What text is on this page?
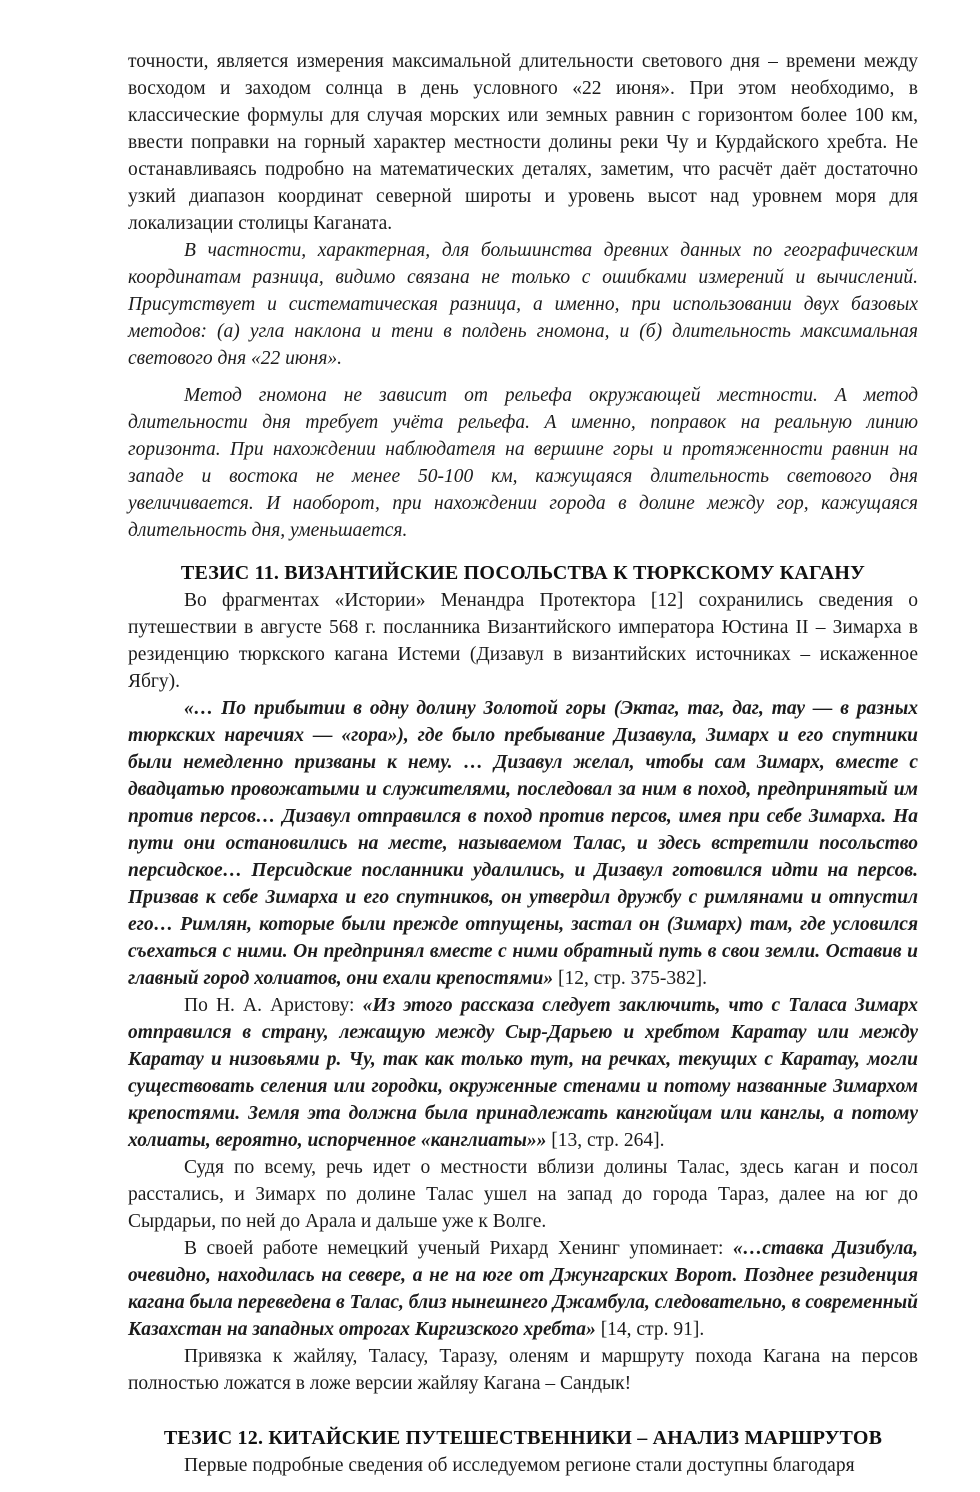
точности, является измерения максимальной длительности светового дня – времени между восходом и заходом солнца в день условного «22 июня». При этом необходимо, в классические формулы для случая морских или земных равнин с горизонтом более 100 км, ввести поправки на горный характер местности долины реки Чу и Курдайского хребта. Не останавливаясь подробно на математических деталях, заметим, что расчёт даёт достаточно узкий диапазон координат северной широты и уровень высот над уровнем моря для локализации столицы Каганата.

В частности, характерная, для большинства древних данных по географическим координатам разница, видимо связана не только с ошибками измерений и вычислений. Присутствует и систематическая разница, а именно, при использовании двух базовых методов: (а) угла наклона и тени в полдень гномона, и (б) длительность максимальная светового дня «22 июня».

Метод гномона не зависит от рельефа окружающей местности. А метод длительности дня требует учёта рельефа. А именно, поправок на реальную линию горизонта. При нахождении наблюдателя на вершине горы и протяженности равнин на западе и востока не менее 50-100 км, кажущаяся длительность светового дня увеличивается. И наоборот, при нахождении города в долине между гор, кажущаяся длительность дня, уменьшается.

ТЕЗИС 11. ВИЗАНТИЙСКИЕ ПОСОЛЬСТВА К ТЮРКСКОМУ КАГАНУ

Во фрагментах «Истории» Менандра Протектора [12] сохранились сведения о путешествии в августе 568 г. посланника Византийского императора Юстина II – Зимарха в резиденцию тюркского кагана Истеми (Дизавул в византийских источниках – искаженное Ябгу).

«… По прибытии в одну долину Золотой горы (Эктаг, таг, даг, тау — в разных тюркских наречиях — «гора»), где было пребывание Дизавула, Зимарх и его спутники были немедленно призваны к нему. … Дизавул желал, чтобы сам Зимарх, вместе с двадцатью провожатыми и служителями, последовал за ним в поход, предпринятый им против персов… Дизавул отправился в поход против персов, имея при себе Зимарха. На пути они остановились на месте, называемом Талас, и здесь встретили посольство персидское… Персидские посланники удалились, и Дизавул готовился идти на персов. Призвав к себе Зимарха и его спутников, он утвердил дружбу с римлянами и отпустил его… Римлян, которые были прежде отпущены, застал он (Зимарх) там, где условился съехаться с ними. Он предпринял вместе с ними обратный путь в свои земли. Оставив и главный город холиатов, они ехали крепостями» [12, стр. 375-382].

По Н. А. Аристову: «Из этого рассказа следует заключить, что с Таласа Зимарх отправился в страну, лежащую между Сыр-Дарьею и хребтом Каратау или между Каратау и низовьями р. Чу, так как только тут, на речках, текущих с Каратау, могли существовать селения или городки, окруженные стенами и потому названные Зимархом крепостями. Земля эта должна была принадлежать кангюйцам или канглы, а потому холиаты, вероятно, испорченное «канглиаты»» [13, стр. 264].

Судя по всему, речь идет о местности вблизи долины Талас, здесь каган и посол расстались, и Зимарх по долине Талас ушел на запад до города Тараз, далее на юг до Сырдарьи, по ней до Арала и дальше уже к Волге.

В своей работе немецкий ученый Рихард Хенинг упоминает: «…ставка Дизибула, очевидно, находилась на севере, а не на юге от Джунгарских Ворот. Позднее резиденция кагана была переведена в Талас, близ нынешнего Джамбула, следовательно, в современный Казахстан на западных отрогах Киргизского хребта» [14, стр. 91].

Привязка к жайляу, Таласу, Таразу, оленям и маршруту похода Кагана на персов полностью ложатся в ложе версии жайляу Кагана – Сандык!

ТЕЗИС 12. КИТАЙСКИЕ ПУТЕШЕСТВЕННИКИ – АНАЛИЗ МАРШРУТОВ

Первые подробные сведения об исследуемом регионе стали доступны благодаря
